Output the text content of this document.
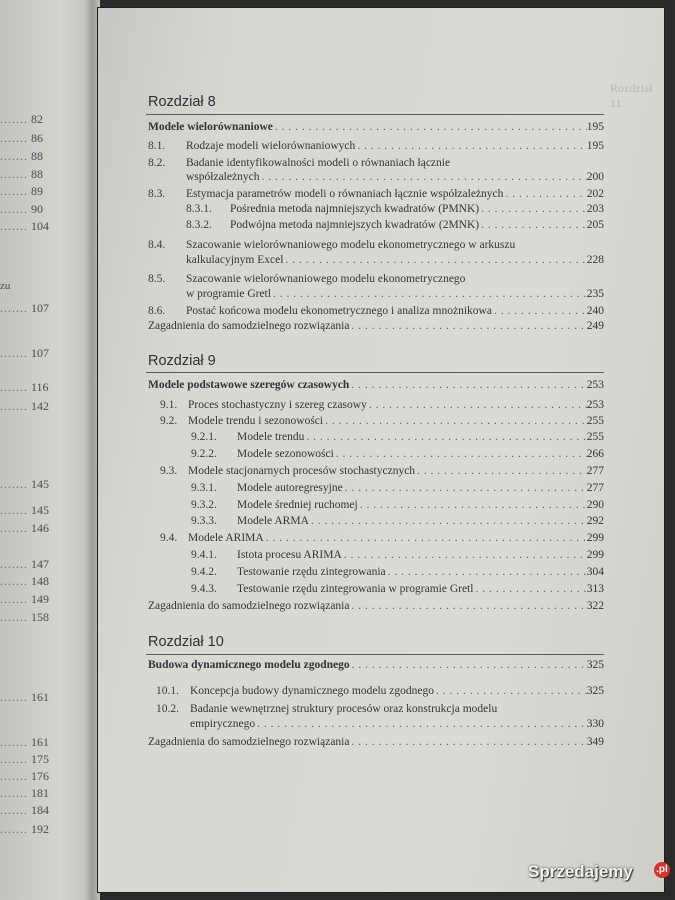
....... 82
....... 86
....... 88
....... 88
....... 89
....... 90
....... 104
zu
....... 107
....... 107
....... 116
....... 142
....... 145
....... 145
....... 146
....... 147
....... 148
....... 149
....... 158
....... 161
....... 161
....... 175
....... 176
....... 181
....... 184
....... 192
Rozdział 11
Rozdział 8
Modele wielorównaniowe . . .	195
8.1.	Rodzaje modeli wielorównaniowych . . .	195
8.2.	Badanie identyfikowalności modeli o równaniach łącznie
współzależnych . . .	200
8.3.	Estymacja parametrów modeli o równaniach łącznie współzależnych . . .	202
8.3.1.	Pośrednia metoda najmniejszych kwadratów (PMNK) . . .	203
8.3.2.	Podwójna metoda najmniejszych kwadratów (2MNK) . . .	205
8.4.	Szacowanie wielorównaniowego modelu ekonometrycznego w arkuszu
kalkulacyjnym Excel . . .	228
8.5.	Szacowanie wielorównaniowego modelu ekonometrycznego
w programie Gretl . . .	235
8.6.	Postać końcowa modelu ekonometrycznego i analiza mnożnikowa . . .	240
Zagadnienia do samodzielnego rozwiązania . . .	249
Rozdział 9
Modele podstawowe szeregów czasowych . . .	253
9.1. Proces stochastyczny i szereg czasowy . . .	253
9.2. Modele trendu i sezonowości . . .	255
9.2.1.	Modele trendu . . .	255
9.2.2.	Modele sezonowości . . .	266
9.3. Modele stacjonarnych procesów stochastycznych . . .	277
9.3.1.	Modele autoregresyjne . . .	277
9.3.2.	Modele średniej ruchomej . . .	290
9.3.3.	Modele ARMA . . .	292
9.4. Modele ARIMA . . .	299
9.4.1.	Istota procesu ARIMA . . .	299
9.4.2.	Testowanie rzędu zintegrowania . . .	304
9.4.3.	Testowanie rzędu zintegrowania w programie Gretl . . .	313
Zagadnienia do samodzielnego rozwiązania . . .	322
Rozdział 10
Budowa dynamicznego modelu zgodnego . . .	325
10.1. Koncepcja budowy dynamicznego modelu zgodnego . . .	325
10.2. Badanie wewnętrznej struktury procesów oraz konstrukcja modelu
empirycznego . . .	330
Zagadnienia do samodzielnego rozwiązania . . .	349
Sprzedajemy .pl
